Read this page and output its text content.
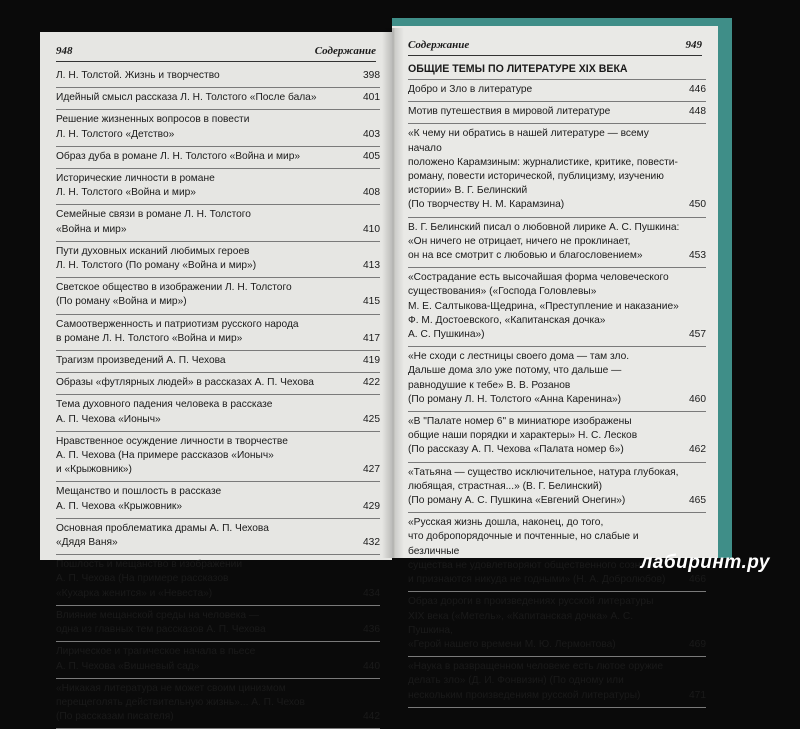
948	Содержание
Л. Н. Толстой. Жизнь и творчество	398
Идейный смысл рассказа Л. Н. Толстого «После бала»	401
Решение жизненных вопросов в повести
Л. Н. Толстого «Детство»	403
Образ дуба в романе Л. Н. Толстого «Война и мир»	405
Исторические личности в романе
Л. Н. Толстого «Война и мир»	408
Семейные связи в романе Л. Н. Толстого
«Война и мир»	410
Пути духовных исканий любимых героев
Л. Н. Толстого (По роману «Война и мир»)	413
Светское общество в изображении Л. Н. Толстого
(По роману «Война и мир»)	415
Самоотверженность и патриотизм русского народа
в романе Л. Н. Толстого «Война и мир»	417
Трагизм произведений А. П. Чехова	419
Образы «футлярных людей» в рассказах А. П. Чехова	422
Тема духовного падения человека в рассказе
А. П. Чехова «Ионыч»	425
Нравственное осуждение личности в творчестве
А. П. Чехова (На примере рассказов «Ионыч»
и «Крыжовник»)	427
Мещанство и пошлость в рассказе
А. П. Чехова «Крыжовник»	429
Основная проблематика драмы А. П. Чехова
«Дядя Ваня»	432
Пошлость и мещанство в изображении
А. П. Чехова (На примере рассказов
«Кухарка женится» и «Невеста»)	434
Влияние мещанской среды на человека —
одна из главных тем рассказов А. П. Чехова	436
Лирическое и трагическое начала в пьесе
А. П. Чехова «Вишневый сад»	440
«Никакая литература не может своим цинизмом
перещеголять действительную жизнь»... А. П. Чехов
(По рассказам писателя)	442
Содержание	949
ОБЩИЕ ТЕМЫ ПО ЛИТЕРАТУРЕ XIX ВЕКА
Добро и Зло в литературе	446
Мотив путешествия в мировой литературе	448
«К чему ни обратись в нашей литературе — всему начало
положено Карамзиным: журналистике, критике, повести-
роману, повести исторической, публицизму, изучению
истории» В. Г. Белинский
(По творчеству Н. М. Карамзина)	450
В. Г. Белинский писал о любовной лирике А. С. Пушкина:
«Он ничего не отрицает, ничего не проклинает,
он на все смотрит с любовью и благословением»	453
«Сострадание есть высочайшая форма человеческого
существования» («Господа Головлевы»
М. Е. Салтыкова-Щедрина, «Преступление и наказание»
Ф. М. Достоевского, «Капитанская дочка»
А. С. Пушкина»)	457
«Не сходи с лестницы своего дома — там зло.
Дальше дома зло уже потому, что дальше —
равнодушие к тебе» В. В. Розанов
(По роману Л. Н. Толстого «Анна Каренина»)	460
«В "Палате номер 6" в миниатюре изображены
общие наши порядки и характеры» Н. С. Лесков
(По рассказу А. П. Чехова «Палата номер 6»)	462
«Татьяна — существо исключительное, натура глубокая,
любящая, страстная...» (В. Г. Белинский)
(По роману А. С. Пушкина «Евгений Онегин»)	465
«Русская жизнь дошла, наконец, до того,
что добропорядочные и почтенные, но слабые и безличные
существа не удовлетворяют общественного сознания
и признаются никуда не годными» (Н. А. Добролюбов)	466
Образ дороги в произведениях русской литературы
XIX века («Метель», «Капитанская дочка» А. С. Пушкина,
«Герой нашего времени М. Ю. Лермонтова)	469
«Наука в развращенном человеке есть лютое оружие
делать зло» (Д. И. Фонвизин) (По одному или
нескольким произведениям русской литературы)	471
лабиринт.ру
